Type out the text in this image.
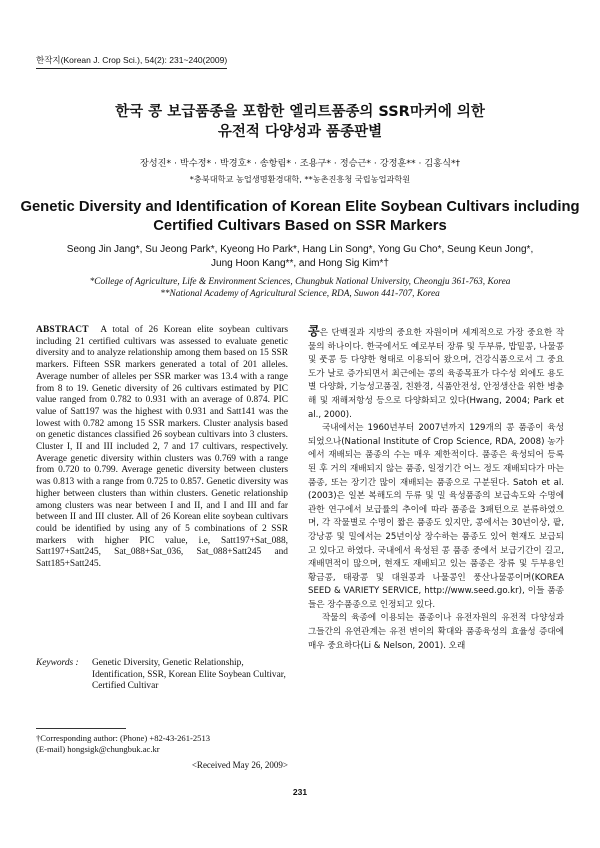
한작지(Korean J. Crop Sci.), 54(2): 231~240(2009)
한국 콩 보급품종을 포함한 엘리트품종의 SSR마커에 의한
유전적 다양성과 품종판별
장성진* · 박수정* · 박경호* · 송항림* · 조용구* · 정승근* · 강정훈** · 김홍식*†
*충북대학교 농업생명환경대학, **농촌진흥청 국립농업과학원
Genetic Diversity and Identification of Korean Elite Soybean Cultivars including
Certified Cultivars Based on SSR Markers
Seong Jin Jang*, Su Jeong Park*, Kyeong Ho Park*, Hang Lin Song*, Yong Gu Cho*, Seung Keun Jong*,
Jung Hoon Kang**, and Hong Sig Kim*†
*College of Agriculture, Life & Environment Sciences, Chungbuk National University, Cheongju 361-763, Korea
**National Academy of Agricultural Science, RDA, Suwon 441-707, Korea

ABSTRACT A total of 26 Korean elite soybean cultivars including 21 certified cultivars was assessed to evaluate genetic diversity and to analyze relationship among them based on 15 SSR markers. Fifteen SSR markers generated a total of 201 alleles. Average number of alleles per SSR marker was 13.4 with a range from 8 to 19. Genetic diversity of 26 cultivars estimated by PIC value ranged from 0.782 to 0.931 with an average of 0.874. PIC value of Satt197 was the highest with 0.931 and Satt141 was the lowest with 0.782 among 15 SSR markers. Cluster analysis based on genetic distances classified 26 soybean cultivars into 3 clusters. Cluster I, II and III included 2, 7 and 17 cultivars, respectively. Average genetic diversity within clusters was 0.769 with a range from 0.720 to 0.799. Average genetic diversity between clusters was 0.813 with a range from 0.725 to 0.857. Genetic diversity was higher between clusters than within clusters. Genetic relationship among clusters was near between I and II, and I and III and far between II and III cluster. All of 26 Korean elite soybean cultivars could be identified by using any of 5 combinations of 2 SSR markers with higher PIC value, i.e, Satt197+Sat_088, Satt197+Satt245, Sat_088+Sat_036, Sat_088+Satt245 and Satt185+Satt245.

Keywords :	Genetic Diversity, Genetic Relationship, Identification, SSR, Korean Elite Soybean Cultivar, Certified Cultivar
†Corresponding author: (Phone) +82-43-261-2513
(E-mail) hongsigk@chungbuk.ac.kr
<Received May 26, 2009>

콩은 단백질과 지방의 중요한 자원이며 세계적으로 가장 중요한 작물의 하나이다. 한국에서도 예로부터 장류 및 두부류, 밥밑콩, 나물콩 및 풋콩 등 다양한 형태로 이용되어 왔으며, 건강식품으로서 그 중요도가 날로 증가되면서 최근에는 콩의 육종목표가 다수성 외에도 용도별 다양화, 기능성고품질, 친환경, 식품안전성, 안정생산을 위한 병충해 및 재해저항성 등으로 다양화되고 있다(Hwang, 2004; Park et al., 2000).

국내에서는 1960년부터 2007년까지 129개의 콩 품종이 육성되었으나(National Institute of Crop Science, RDA, 2008) 농가에서 재배되는 품종의 수는 매우 제한적이다. 품종은 육성되어 등록된 후 거의 재배되지 않는 품종, 일정기간 어느 정도 재배되다가 마는 품종, 또는 장기간 많이 재배되는 품종으로 구분된다. Satoh et al.(2003)은 일본 복해도의 두류 및 밀 육성품종의 보급속도와 수명에 관한 연구에서 보급률의 추이에 따라 품종을 3패턴으로 분류하였으며, 각 작물별로 수명이 짧은 품종도 있지만, 콩에서는 30년이상, 팥, 강낭콩 및 밀에서는 25년이상 장수하는 품종도 있어 현재도 보급되고 있다고 하였다. 국내에서 육성된 콩 품종 중에서 보급기간이 길고, 재배면적이 많으며, 현재도 재배되고 있는 품종은 장류 및 두부용인 황금콩, 태광콩 및 대원콩과 나물콩인 풍산나물콩이며(KOREA SEED & VARIETY SERVICE, http://www.seed.go.kr), 이들 품종들은 장수품종으로 인정되고 있다.

작물의 육종에 이용되는 품종이나 유전자원의 유전적 다양성과 그들간의 유연관계는 유전 변이의 확대와 품종육성의 효율성 증대에 매우 중요하다(Li & Nelson, 2001). 오래

231
